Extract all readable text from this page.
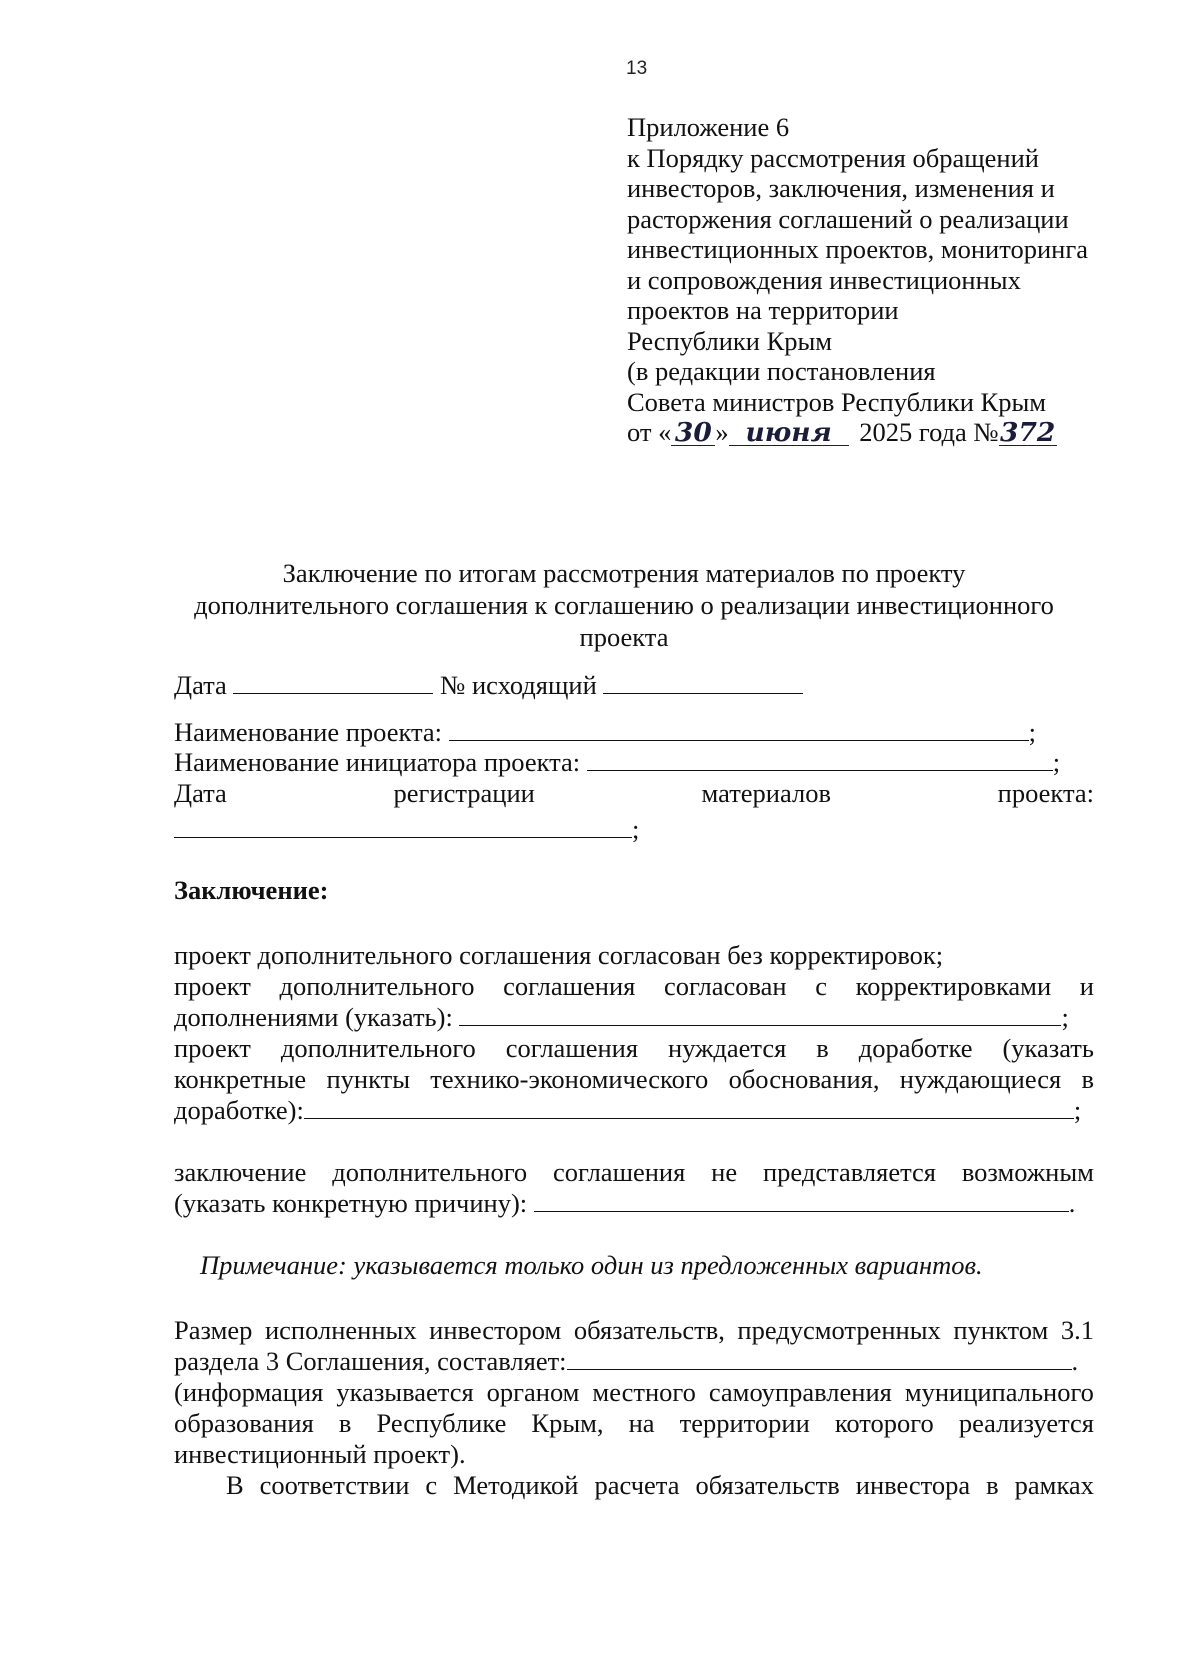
13
Приложение 6
к Порядку рассмотрения обращений
инвесторов, заключения, изменения и
расторжения соглашений о реализации
инвестиционных проектов, мониторинга
и сопровождения инвестиционных
проектов на территории
Республики Крым
(в редакции постановления
Совета министров Республики Крым
от « 30 » июня 2025 года №372
Заключение по итогам рассмотрения материалов по проекту
дополнительного соглашения к соглашению о реализации инвестиционного
проекта
Дата	№ исходящий
Наименование проекта:	;
Наименование инициатора проекта:	;
Дата	регистрации	материалов	проекта:
;
Заключение:
проект дополнительного соглашения согласован без корректировок;
проект дополнительного соглашения согласован с корректировками и
дополнениями (указать):	;
проект дополнительного соглашения нуждается в доработке (указать
конкретные пункты технико-экономического обоснования, нуждающиеся в
доработке):	;
заключение дополнительного соглашения не представляется возможным
(указать конкретную причину):	.
Примечание: указывается только один из предложенных вариантов.
Размер исполненных инвестором обязательств, предусмотренных пунктом 3.1
раздела 3 Соглашения, составляет:	.
(информация указывается органом местного самоуправления муниципального
образования в Республике Крым, на территории которого реализуется
инвестиционный проект).
В соответствии с Методикой расчета обязательств инвестора в рамках
